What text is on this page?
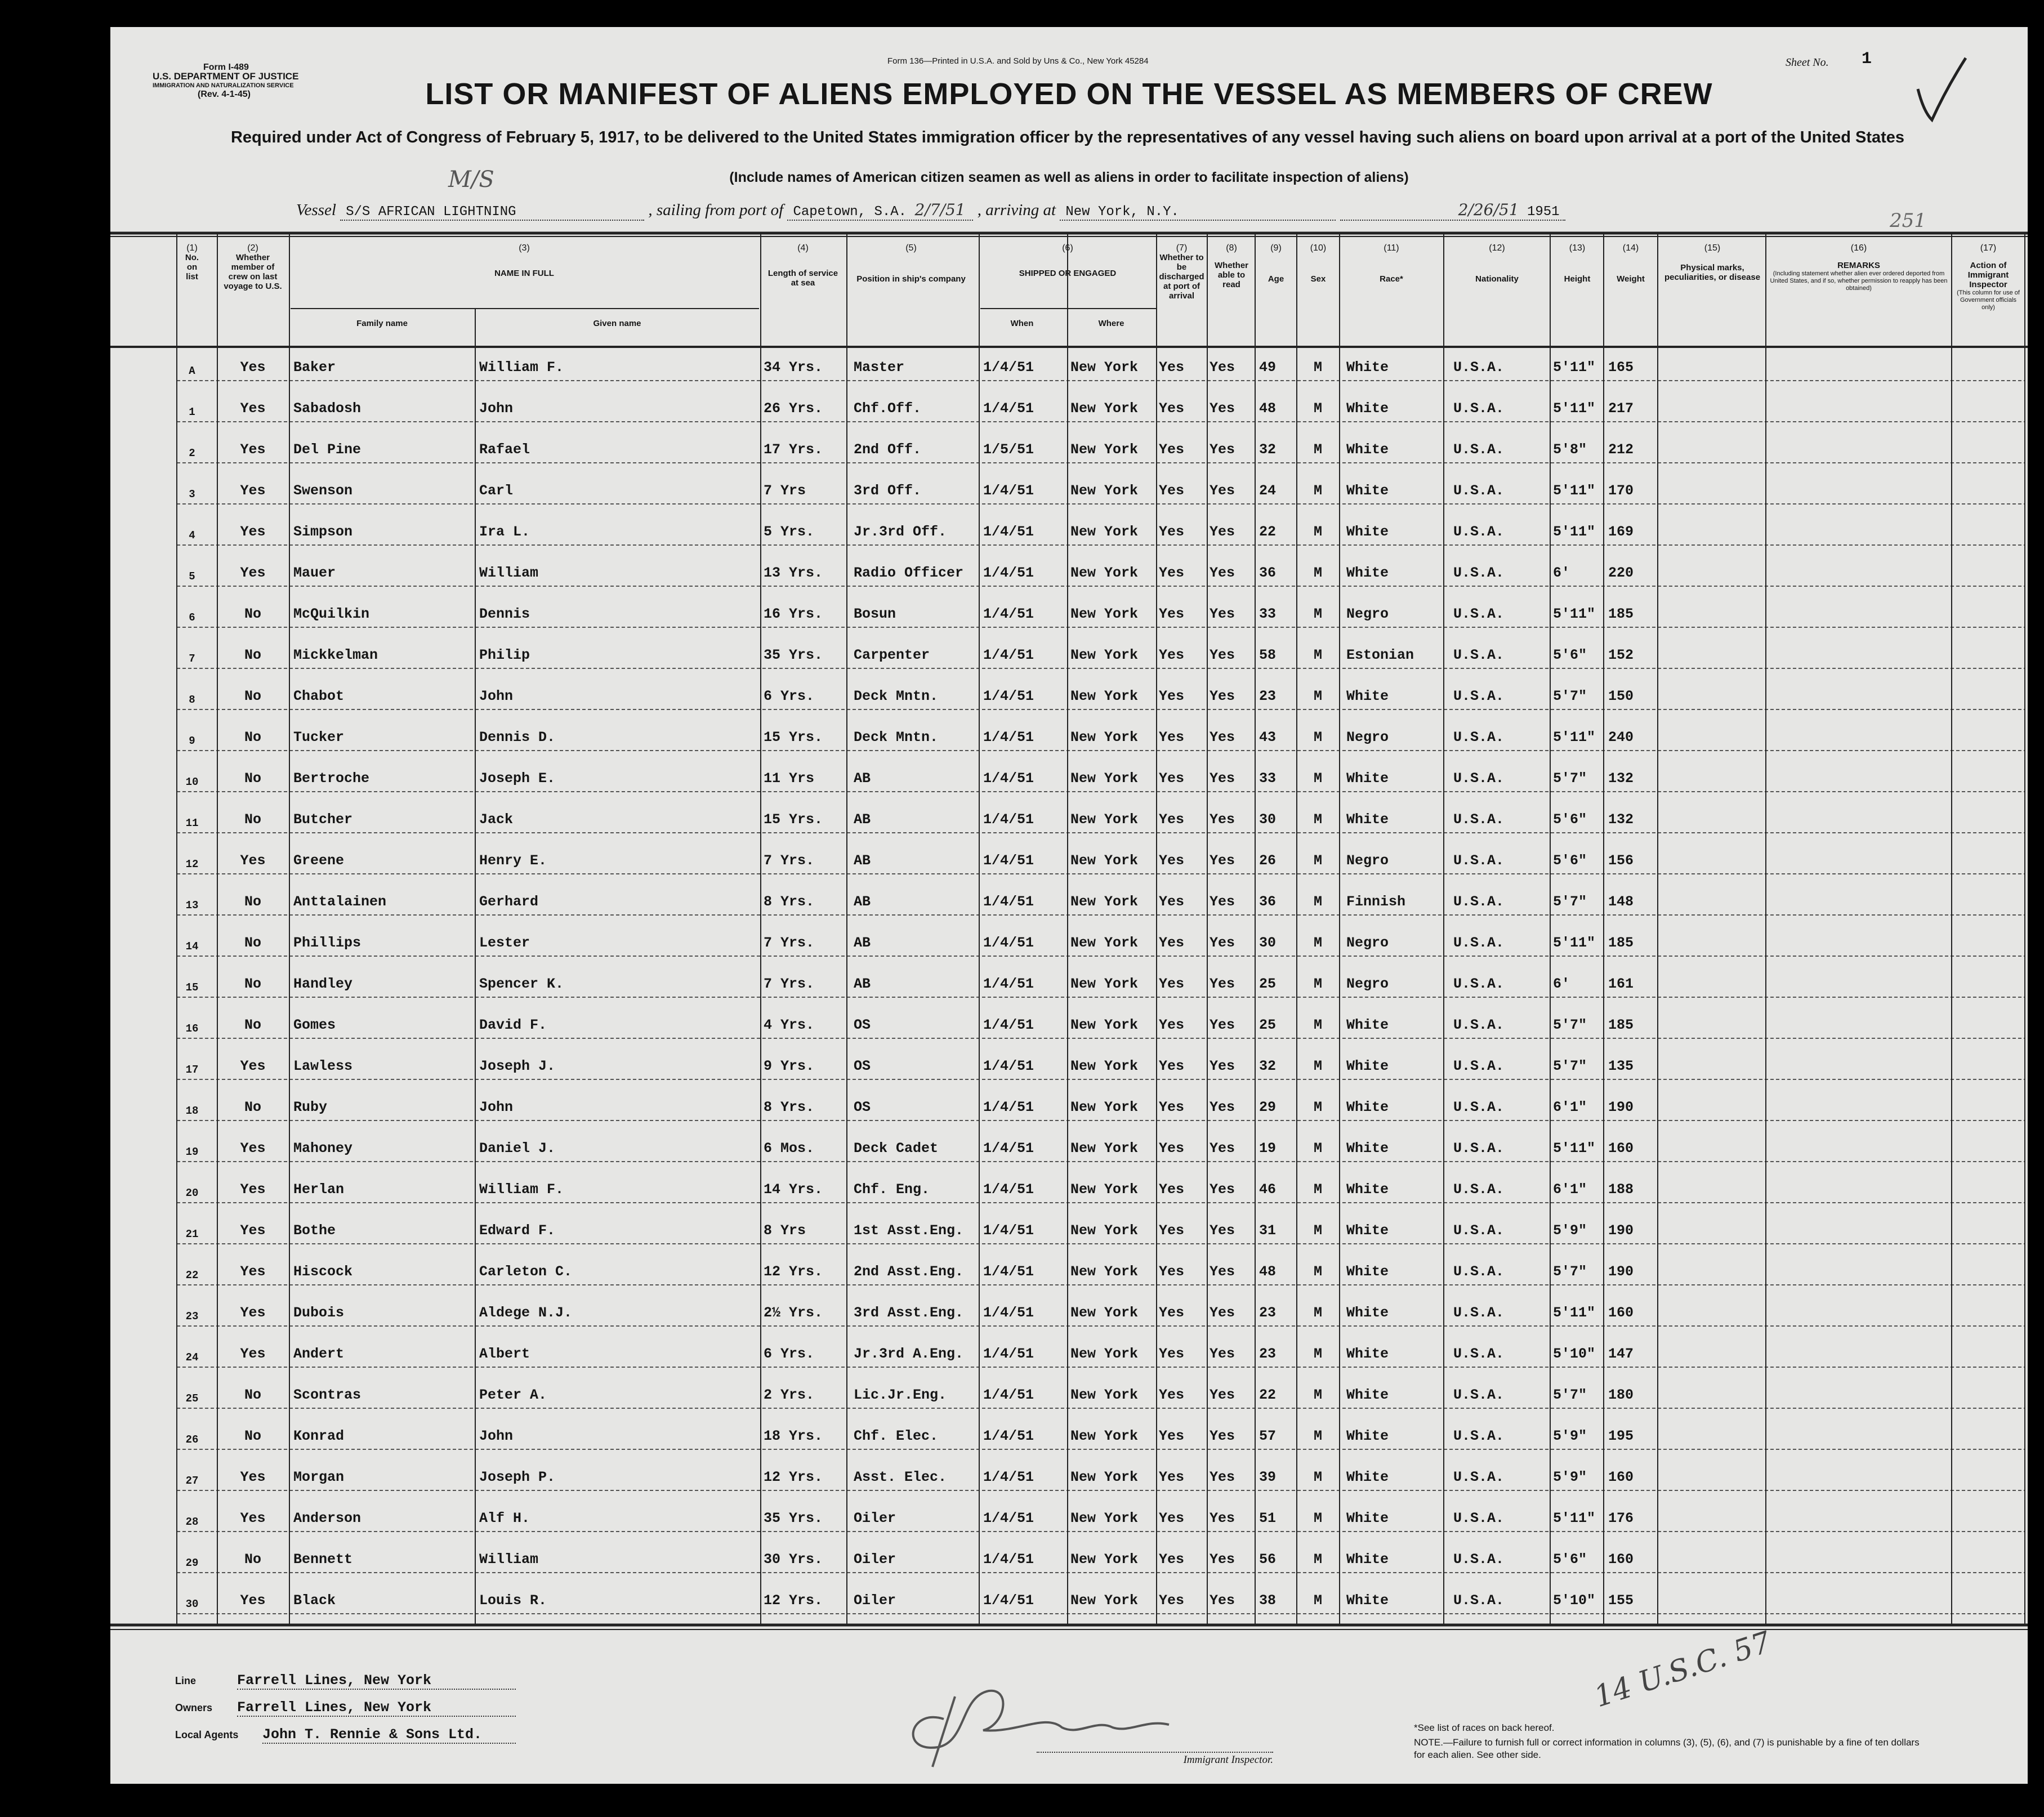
Form I-489
U.S. DEPARTMENT OF JUSTICE
IMMIGRATION AND NATURALIZATION SERVICE
(Rev. 4-1-45)
Form 136—Printed in U.S.A. and Sold by Uns & Co., New York 45284	Sheet No. 1
LIST OR MANIFEST OF ALIENS EMPLOYED ON THE VESSEL AS MEMBERS OF CREW
Required under Act of Congress of February 5, 1917, to be delivered to the United States immigration officer by the representatives of any vessel having such aliens on board upon arrival at a port of the United States
(Include names of American citizen seamen as well as aliens in order to facilitate inspection of aliens)
M/S
251
Vessel S/S AFRICAN LIGHTNING	, sailing from port of Capetown, S.A. 2/7/51 , arriving at New York, N.Y.	2/26/51 1951
(1)
No. on list
(2)
Whether member of crew on last voyage to U.S.
(3)
NAME IN FULL
Family name	Given name
(4)
Length of service at sea
(5)
Position in ship's company
(6)
SHIPPED OR ENGAGED
When	Where
(7)
Whether to be discharged at port of arrival
(8)
Whether able to read
(9)
Age
(10)
Sex
(11)
Race*
(12)
Nationality
(13)
Height
(14)
Weight
(15)
Physical marks, peculiarities, or disease
(16)
REMARKS
(Including statement whether alien ever ordered deported from United States, and if so, whether permission to reapply has been obtained)
(17)
Action of Immigrant Inspector
(This column for use of Government officials only)
A	Yes	Baker	William F.	34 Yrs.	Master	1/4/51	New York	Yes	Yes	49	M	White	U.S.A.	5'11" 165
1	Yes	Sabadosh	John	26 Yrs.	Chf.Off.	1/4/51	New York	Yes	Yes	48	M	White	U.S.A.	5'11" 217
2	Yes	Del Pine	Rafael	17 Yrs.	2nd Off.	1/5/51	New York	Yes	Yes	32	M	White	U.S.A.	5'8"	212
3	Yes	Swenson	Carl	7 Yrs	3rd Off.	1/4/51	New York	Yes	Yes	24	M	White	U.S.A.	5'11" 170
4	Yes	Simpson	Ira L.	5 Yrs.	Jr.3rd Off.	1/4/51	New York	Yes	Yes	22	M	White	U.S.A.	5'11" 169
5	Yes	Mauer	William	13 Yrs.	Radio Officer	1/4/51	New York	Yes	Yes	36	M	White	U.S.A.	6'	220
6	No	McQuilkin	Dennis	16 Yrs.	Bosun	1/4/51	New York	Yes	Yes	33	M	Negro	U.S.A.	5'11" 185
7	No	Mickkelman	Philip	35 Yrs.	Carpenter	1/4/51	New York	Yes	Yes	58	M	Estonian	U.S.A.	5'6"	152
8	No	Chabot	John	6 Yrs.	Deck Mntn.	1/4/51	New York	Yes	Yes	23	M	White	U.S.A.	5'7"	150
9	No	Tucker	Dennis D.	15 Yrs.	Deck Mntn.	1/4/51	New York	Yes	Yes	43	M	Negro	U.S.A.	5'11" 240
10	No	Bertroche	Joseph E.	11 Yrs	AB	1/4/51	New York	Yes	Yes	33	M	White	U.S.A.	5'7"	132
11	No	Butcher	Jack	15 Yrs.	AB	1/4/51	New York	Yes	Yes	30	M	White	U.S.A.	5'6"	132
12	Yes	Greene	Henry E.	7 Yrs.	AB	1/4/51	New York	Yes	Yes	26	M	Negro	U.S.A.	5'6"	156
13	No	Anttalainen	Gerhard	8 Yrs.	AB	1/4/51	New York	Yes	Yes	36	M	Finnish	U.S.A.	5'7"	148
14	No	Phillips	Lester	7 Yrs.	AB	1/4/51	New York	Yes	Yes	30	M	Negro	U.S.A.	5'11" 185
15	No	Handley	Spencer K.	7 Yrs.	AB	1/4/51	New York	Yes	Yes	25	M	Negro	U.S.A.	6'	161
16	No	Gomes	David F.	4 Yrs.	OS	1/4/51	New York	Yes	Yes	25	M	White	U.S.A.	5'7"	185
17	Yes	Lawless	Joseph J.	9 Yrs.	OS	1/4/51	New York	Yes	Yes	32	M	White	U.S.A.	5'7"	135
18	No	Ruby	John	8 Yrs.	OS	1/4/51	New York	Yes	Yes	29	M	White	U.S.A.	6'1"	190
19	Yes	Mahoney	Daniel J.	6 Mos.	Deck Cadet	1/4/51	New York	Yes	Yes	19	M	White	U.S.A.	5'11" 160
20	Yes	Herlan	William F.	14 Yrs.	Chf. Eng.	1/4/51	New York	Yes	Yes	46	M	White	U.S.A.	6'1"	188
21	Yes	Bothe	Edward F.	8 Yrs	1st Asst.Eng.	1/4/51	New York	Yes	Yes	31	M	White	U.S.A.	5'9"	190
22	Yes	Hiscock	Carleton C.	12 Yrs.	2nd Asst.Eng.	1/4/51	New York	Yes	Yes	48	M	White	U.S.A.	5'7"	190
23	Yes	Dubois	Aldege N.J.	2½ Yrs.	3rd Asst.Eng.	1/4/51	New York	Yes	Yes	23	M	White	U.S.A.	5'11" 160
24	Yes	Andert	Albert	6 Yrs.	Jr.3rd A.Eng.	1/4/51	New York	Yes	Yes	23	M	White	U.S.A.	5'10" 147
25	No	Scontras	Peter A.	2 Yrs.	Lic.Jr.Eng.	1/4/51	New York	Yes	Yes	22	M	White	U.S.A.	5'7"	180
26	No	Konrad	John	18 Yrs.	Chf. Elec.	1/4/51	New York	Yes	Yes	57	M	White	U.S.A.	5'9"	195
27	Yes	Morgan	Joseph P.	12 Yrs.	Asst. Elec.	1/4/51	New York	Yes	Yes	39	M	White	U.S.A.	5'9"	160
28	Yes	Anderson	Alf H.	35 Yrs.	Oiler	1/4/51	New York	Yes	Yes	51	M	White	U.S.A.	5'11" 176
29	No	Bennett	William	30 Yrs.	Oiler	1/4/51	New York	Yes	Yes	56	M	White	U.S.A.	5'6"	160
30	Yes	Black	Louis R.	12 Yrs.	Oiler	1/4/51	New York	Yes	Yes	38	M	White	U.S.A.	5'10" 155
Immigrant Inspector.
14 U.S.C. 57
Line	Farrell Lines, New York
Owners Farrell Lines, New York
Local Agents John T. Rennie & Sons Ltd.	*See list of races on back hereof.
NOTE.—Failure to furnish full or correct information in columns (3), (5), (6), and (7) is punishable by a fine of ten dollars for each alien. See other side.
